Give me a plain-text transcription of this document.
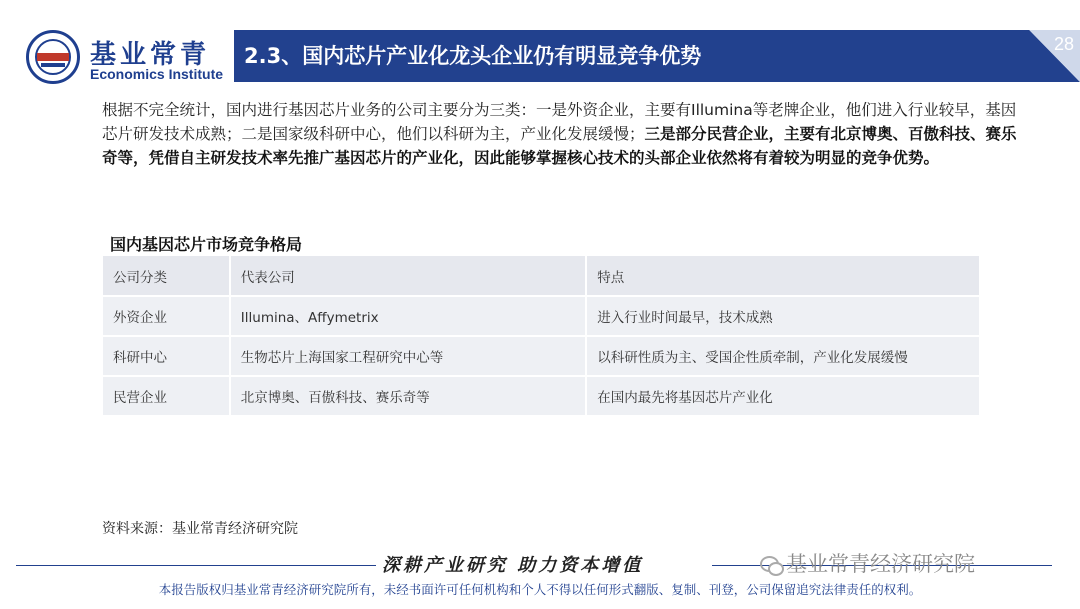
基业常青
Economics Institute
2.3、国内芯片产业化龙头企业仍有明显竞争优势	28

根据不完全统计，国内进行基因芯片业务的公司主要分为三类：一是外资企业，主要有Illumina等老牌企业，他们进入行业较早，基因芯片研发技术成熟；二是国家级科研中心，他们以科研为主，产业化发展缓慢；三是部分民营企业，主要有北京博奥、百傲科技、赛乐奇等，凭借自主研发技术率先推广基因芯片的产业化，因此能够掌握核心技术的头部企业依然将有着较为明显的竞争优势。

国内基因芯片市场竞争格局
公司分类	代表公司	特点
外资企业	Illumina、Affymetrix	进入行业时间最早，技术成熟
科研中心	生物芯片上海国家工程研究中心等	以科研性质为主、受国企性质牵制，产业化发展缓慢
民营企业	北京博奥、百傲科技、赛乐奇等	在国内最先将基因芯片产业化
资料来源：基业常青经济研究院
深耕产业研究 助力资本增值	基业常青经济研究院
本报告版权归基业常青经济研究院所有，未经书面许可任何机构和个人不得以任何形式翻版、复制、刊登，公司保留追究法律责任的权利。
